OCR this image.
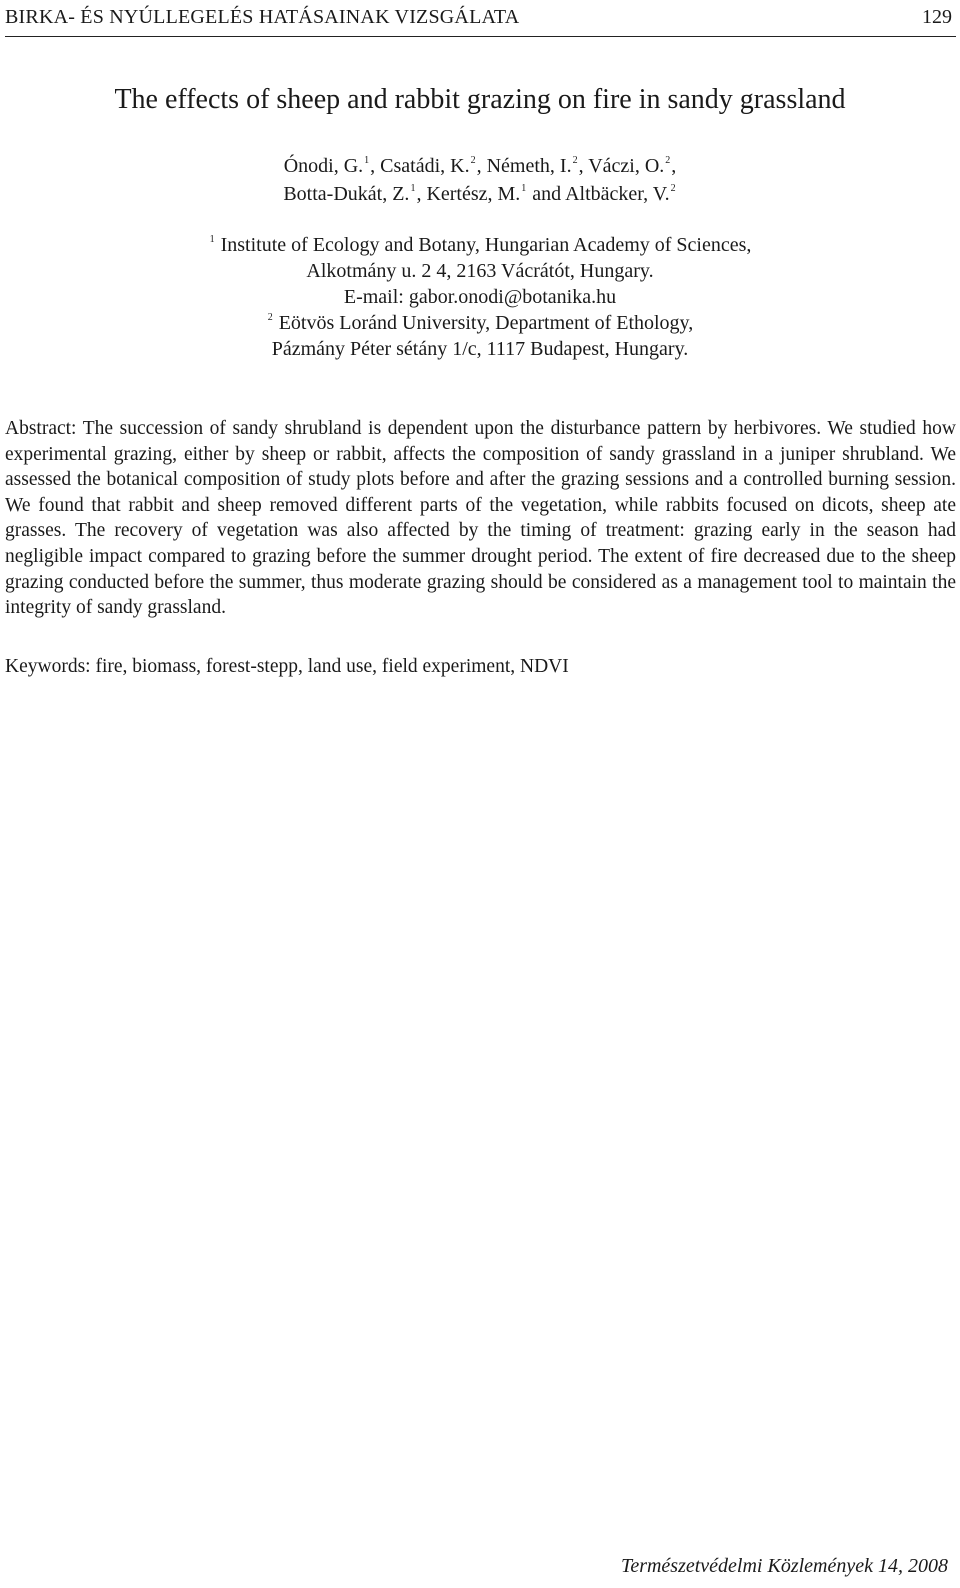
BIRKA- ÉS NYÚLLEGELÉS HATÁSAINAK VIZSGÁLATA	129
The effects of sheep and rabbit grazing on fire in sandy grassland
Ónodi, G.$^1$, Csatádi, K.$^2$, Németh, I.$^2$, Váczi, O.$^2$,
Botta-Dukát, Z.$^1$, Kertész, M.$^1$ and Altbäcker, V.$^2$
$^1$ Institute of Ecology and Botany, Hungarian Academy of Sciences,
Alkotmány u. 2 4, 2163 Vácrátót, Hungary.
E-mail: gabor.onodi@botanika.hu
$^2$ Eötvös Loránd University, Department of Ethology,
Pázmány Péter sétány 1/c, 1117 Budapest, Hungary.

Abstract: The succession of sandy shrubland is dependent upon the disturbance pattern by herbivores. We studied how experimental grazing, either by sheep or rabbit, affects the composition of sandy grassland in a juniper shrubland. We assessed the botanical composition of study plots before and after the grazing sessions and a controlled burning session. We found that rabbit and sheep removed different parts of the vegetation, while rabbits focused on dicots, sheep ate grasses. The recovery of vegetation was also affected by the timing of treatment: grazing early in the season had negligible impact compared to grazing before the summer drought period. The extent of fire decreased due to the sheep grazing conducted before the summer, thus moderate grazing should be considered as a management tool to maintain the integrity of sandy grassland.

Keywords: fire, biomass, forest-stepp, land use, field experiment, NDVI

Természetvédelmi Közlemények 14, 2008
